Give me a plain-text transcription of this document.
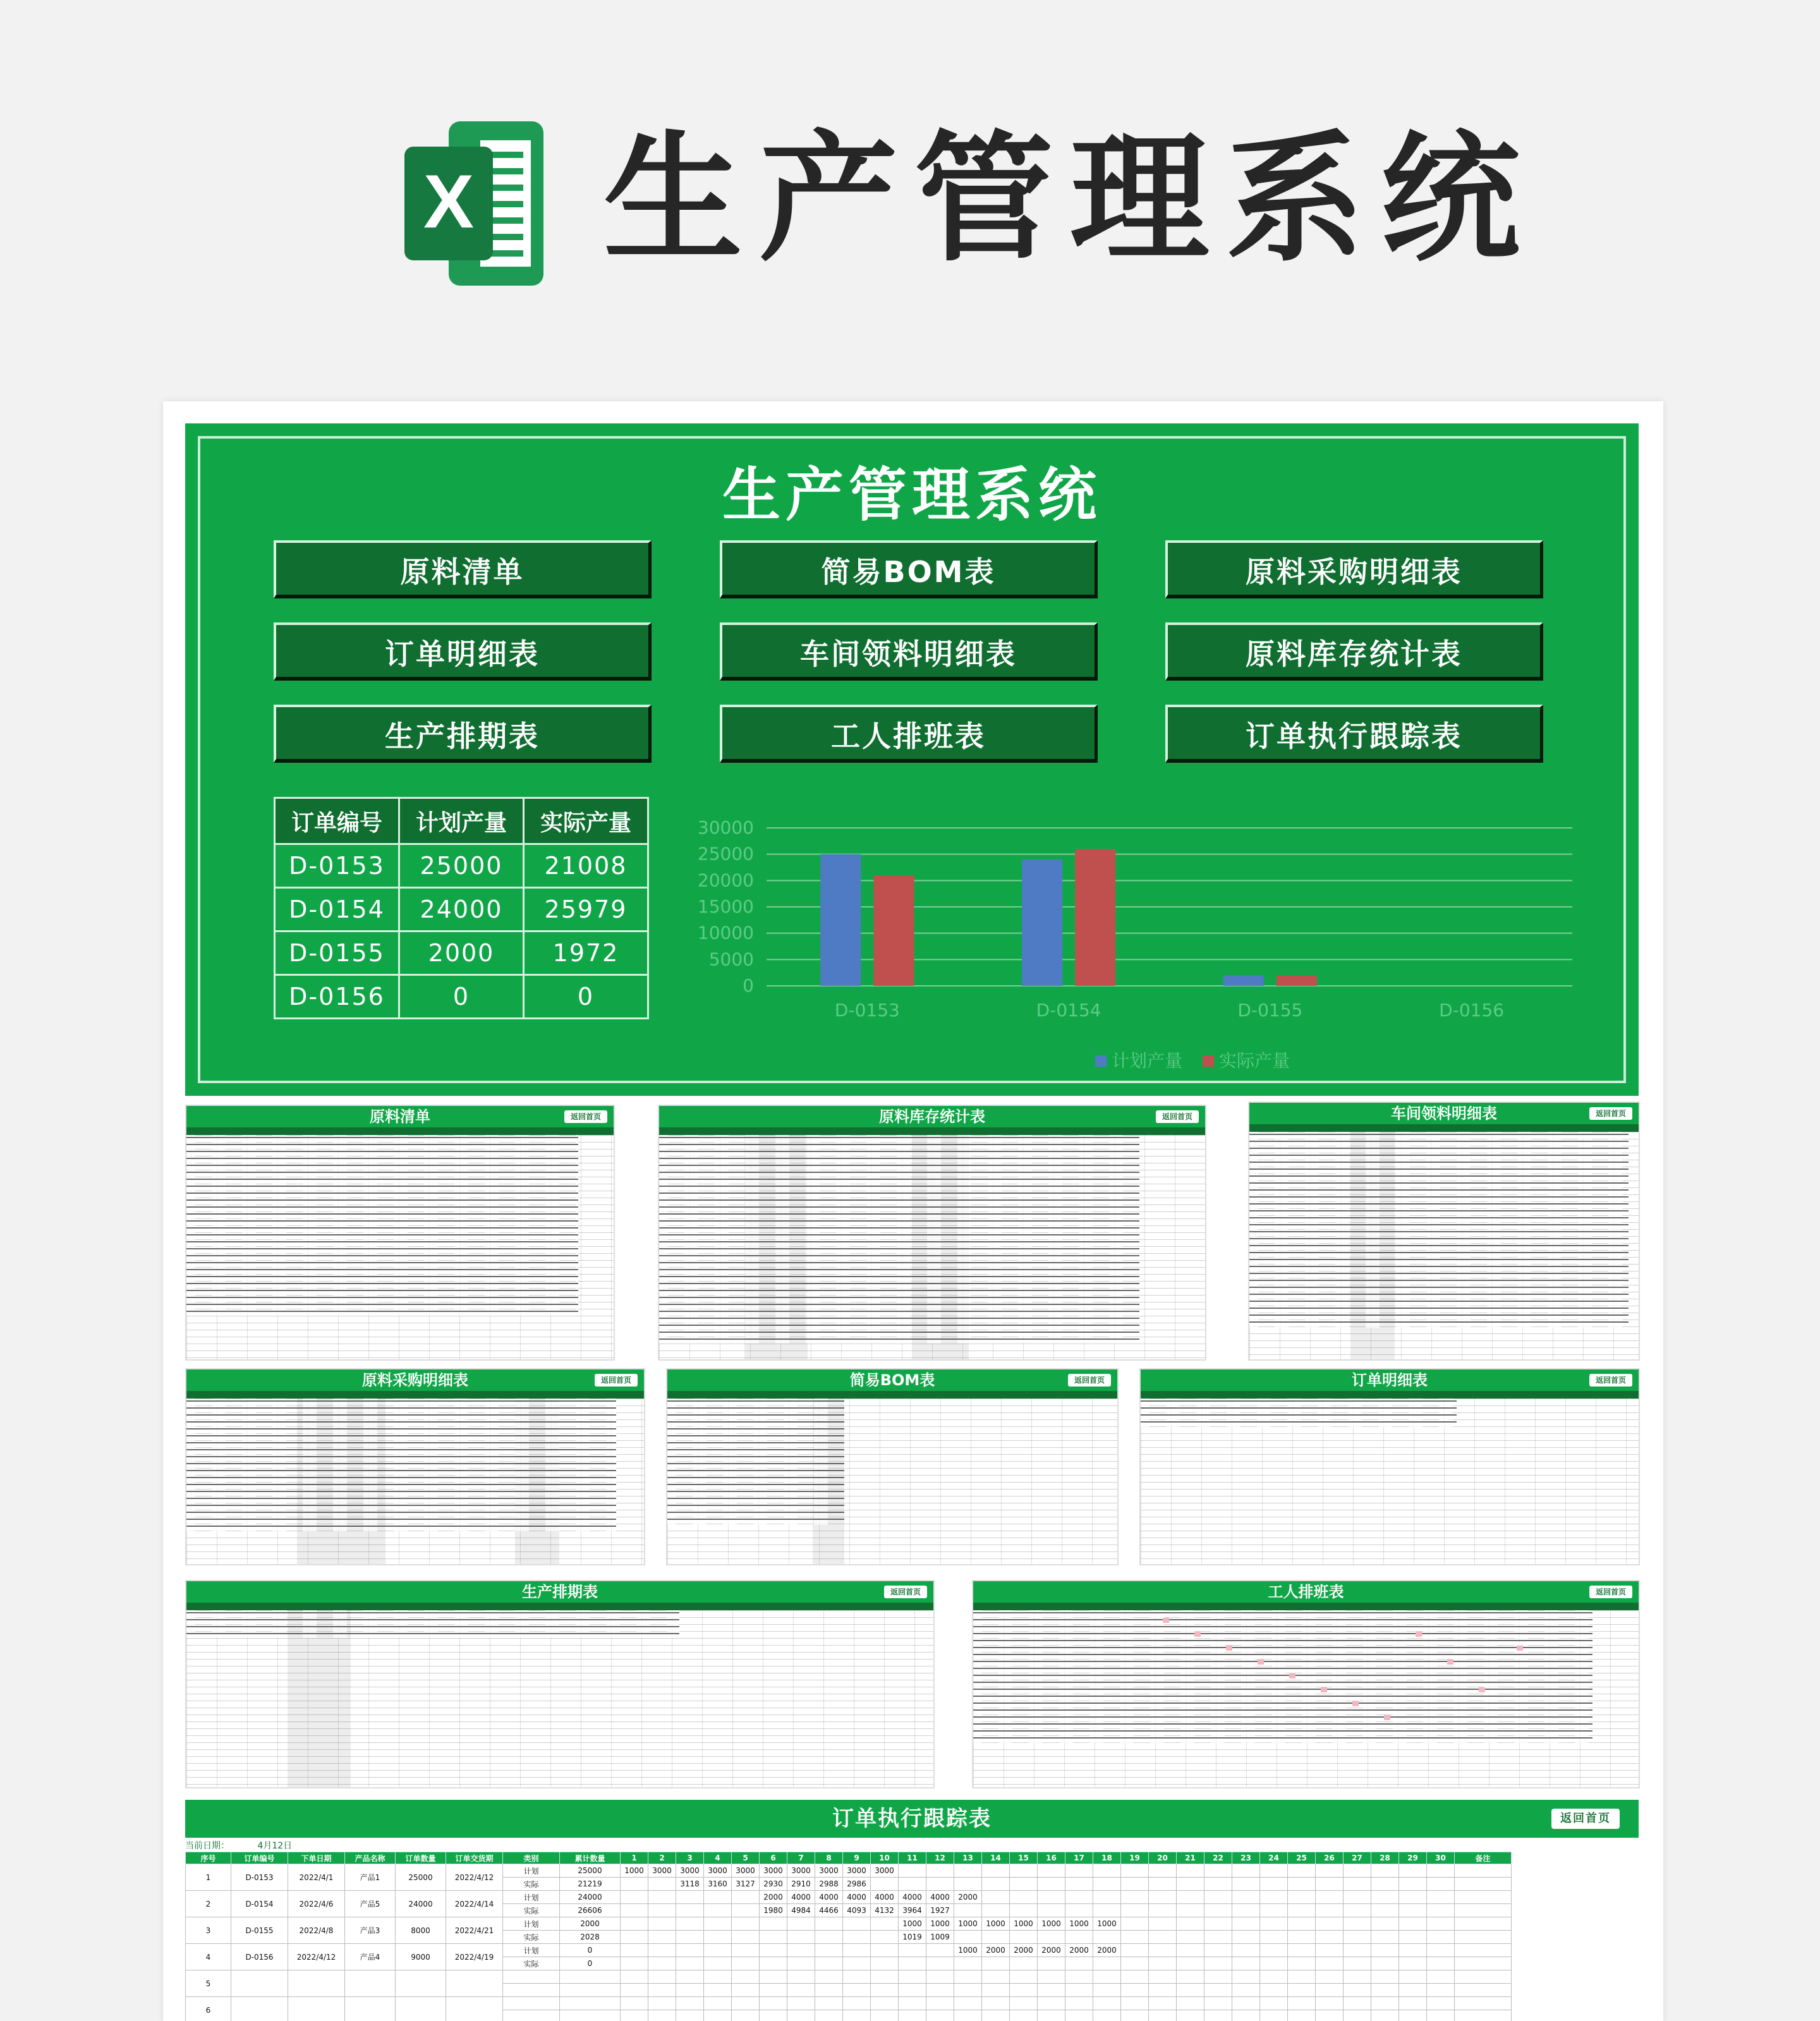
X 生产管理系统
生产管理系统
原料清单	简易BOM表	原料采购明细表
订单明细表	车间领料明细表	原料库存统计表
生产排期表	工人排班表	订单执行跟踪表
订单编号	计划产量	实际产量
D-0153	25000	21008
D-0154	24000	25979
D-0155	2000	1972
D-0156	0	0
30000
25000
20000
15000
10000
5000
0
D-0153	D-0154	D-0155	D-0156
计划产量 实际产量
原料清单	返回首页	原料库存统计表	返回首页	车间领料明细表	返回首页
原料采购明细表	返回首页	简易BOM表	返回首页	订单明细表	返回首页
生产排期表	返回首页	工人排班表	返回首页
订单执行跟踪表	返回首页
当前日期：	4月12日
序号	订单编号	下单日期	产品名称	订单数量	订单交货期	类别	累计数量	1	2	3	4	5	6	7	8	9	10	11	12	13	14	15	16	17	18	19	20	21	22	23	24	25	26	27	28	29	30	备注
1	D-0153	2022/4/1	产品1	25000	2022/4/12	计划	25000	1000	3000	3000	3000	3000	3000	3000	3000	3000	3000																					
						实际	21219			3118	3160	3127	2930	2910	2988	2986																						
2	D-0154	2022/4/6	产品5	24000	2022/4/14	计划	24000						2000	4000	4000	4000	4000	4000	4000	2000																		
						实际	26606						1980	4984	4466	4093	4132	3964	1927																			
3	D-0155	2022/4/8	产品3	8000	2022/4/21	计划	2000											1000	1000	1000	1000	1000	1000	1000	1000													
						实际	2028											1019	1009																			
4	D-0156	2022/4/12	产品4	9000	2022/4/19	计划	0													1000	2000	2000	2000	2000	2000													
						实际	0																															
5																																						

6																																						
